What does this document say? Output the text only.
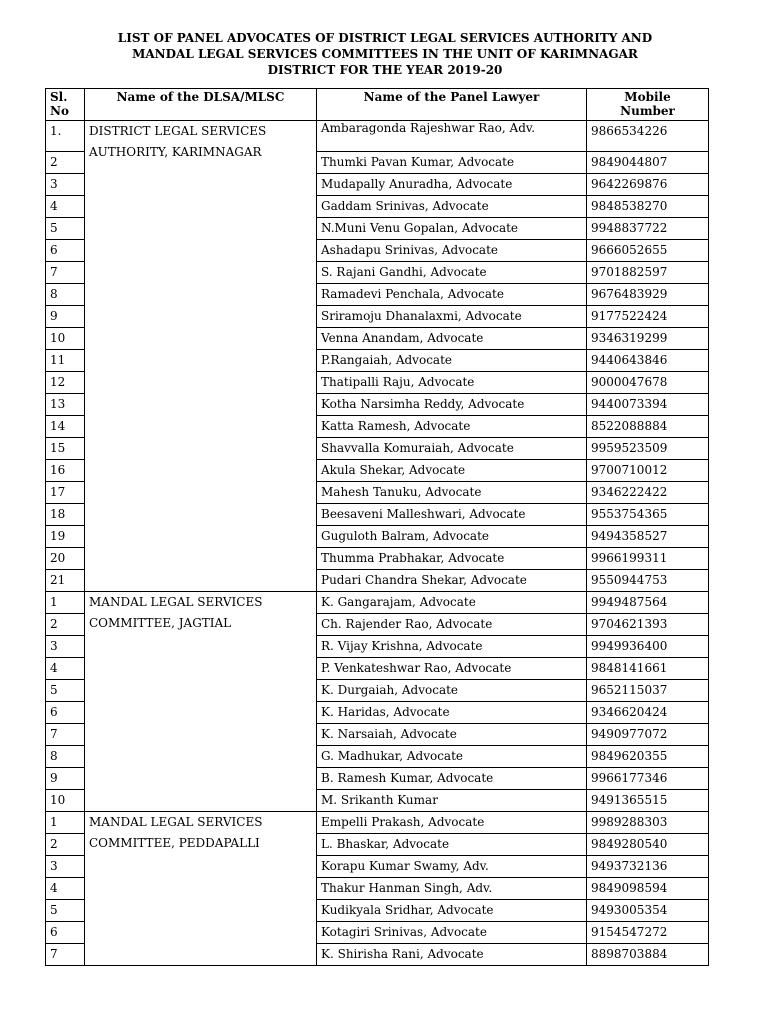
LIST OF PANEL ADVOCATES OF DISTRICT LEGAL SERVICES AUTHORITY AND
MANDAL LEGAL SERVICES COMMITTEES IN THE UNIT OF KARIMNAGAR
DISTRICT FOR THE YEAR 2019-20
Sl.
No	Name of the DLSA/MLSC	Name of the Panel Lawyer	Mobile
Number
1.	DISTRICT LEGAL SERVICES
AUTHORITY, KARIMNAGAR	Ambaragonda Rajeshwar Rao, Adv.	9866534226
2		Thumki Pavan Kumar, Advocate	9849044807
3		Mudapally Anuradha, Advocate	9642269876
4		Gaddam Srinivas, Advocate	9848538270
5		N.Muni Venu Gopalan, Advocate	9948837722
6		Ashadapu Srinivas, Advocate	9666052655
7		S. Rajani Gandhi, Advocate	9701882597
8		Ramadevi Penchala, Advocate	9676483929
9		Sriramoju Dhanalaxmi, Advocate	9177522424
10		Venna Anandam, Advocate	9346319299
11		P.Rangaiah, Advocate	9440643846
12		Thatipalli Raju, Advocate	9000047678
13		Kotha Narsimha Reddy, Advocate	9440073394
14		Katta Ramesh, Advocate	8522088884
15		Shavvalla Komuraiah, Advocate	9959523509
16		Akula Shekar, Advocate	9700710012
17		Mahesh Tanuku, Advocate	9346222422
18		Beesaveni Malleshwari, Advocate	9553754365
19		Guguloth Balram, Advocate	9494358527
20		Thumma Prabhakar, Advocate	9966199311
21		Pudari Chandra Shekar, Advocate	9550944753
1	MANDAL LEGAL SERVICES
COMMITTEE, JAGTIAL	K. Gangarajam, Advocate	9949487564
2		Ch. Rajender Rao, Advocate	9704621393
3		R. Vijay Krishna, Advocate	9949936400
4		P. Venkateshwar Rao, Advocate	9848141661
5		K. Durgaiah, Advocate	9652115037
6		K. Haridas, Advocate	9346620424
7		K. Narsaiah, Advocate	9490977072
8		G. Madhukar, Advocate	9849620355
9		B. Ramesh Kumar, Advocate	9966177346
10		M. Srikanth Kumar	9491365515
1	MANDAL LEGAL SERVICES
COMMITTEE, PEDDAPALLI	Empelli Prakash, Advocate	9989288303
2		L. Bhaskar, Advocate	9849280540
3		Korapu Kumar Swamy, Adv.	9493732136
4		Thakur Hanman Singh, Adv.	9849098594
5		Kudikyala Sridhar, Advocate	9493005354
6		Kotagiri Srinivas, Advocate	9154547272
7		K. Shirisha Rani, Advocate	8898703884
